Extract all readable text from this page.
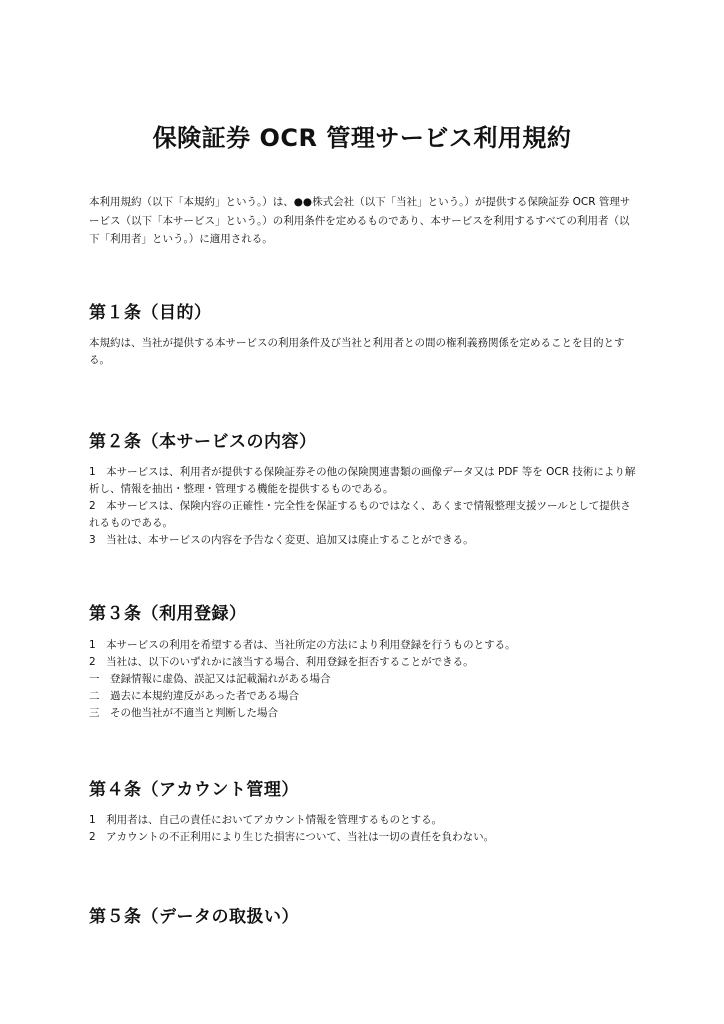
保険証券 OCR 管理サービス利用規約

本利用規約（以下「本規約」という。）は、●●株式会社（以下「当社」という。）が提供する保険証券 OCR 管理サービス（以下「本サービス」という。）の利用条件を定めるものであり、本サービスを利用するすべての利用者（以下「利用者」という。）に適用される。

第１条（目的）
本規約は、当社が提供する本サービスの利用条件及び当社と利用者との間の権利義務関係を定めることを目的とする。
第２条（本サービスの内容）
1　本サービスは、利用者が提供する保険証券その他の保険関連書類の画像データ又は PDF 等を OCR 技術により解析し、情報を抽出・整理・管理する機能を提供するものである。
2　本サービスは、保険内容の正確性・完全性を保証するものではなく、あくまで情報整理支援ツールとして提供されるものである。
3　当社は、本サービスの内容を予告なく変更、追加又は廃止することができる。
第３条（利用登録）
1　本サービスの利用を希望する者は、当社所定の方法により利用登録を行うものとする。
2　当社は、以下のいずれかに該当する場合、利用登録を拒否することができる。
一　登録情報に虚偽、誤記又は記載漏れがある場合
二　過去に本規約違反があった者である場合
三　その他当社が不適当と判断した場合
第４条（アカウント管理）
1　利用者は、自己の責任においてアカウント情報を管理するものとする。
2　アカウントの不正利用により生じた損害について、当社は一切の責任を負わない。
第５条（データの取扱い）
